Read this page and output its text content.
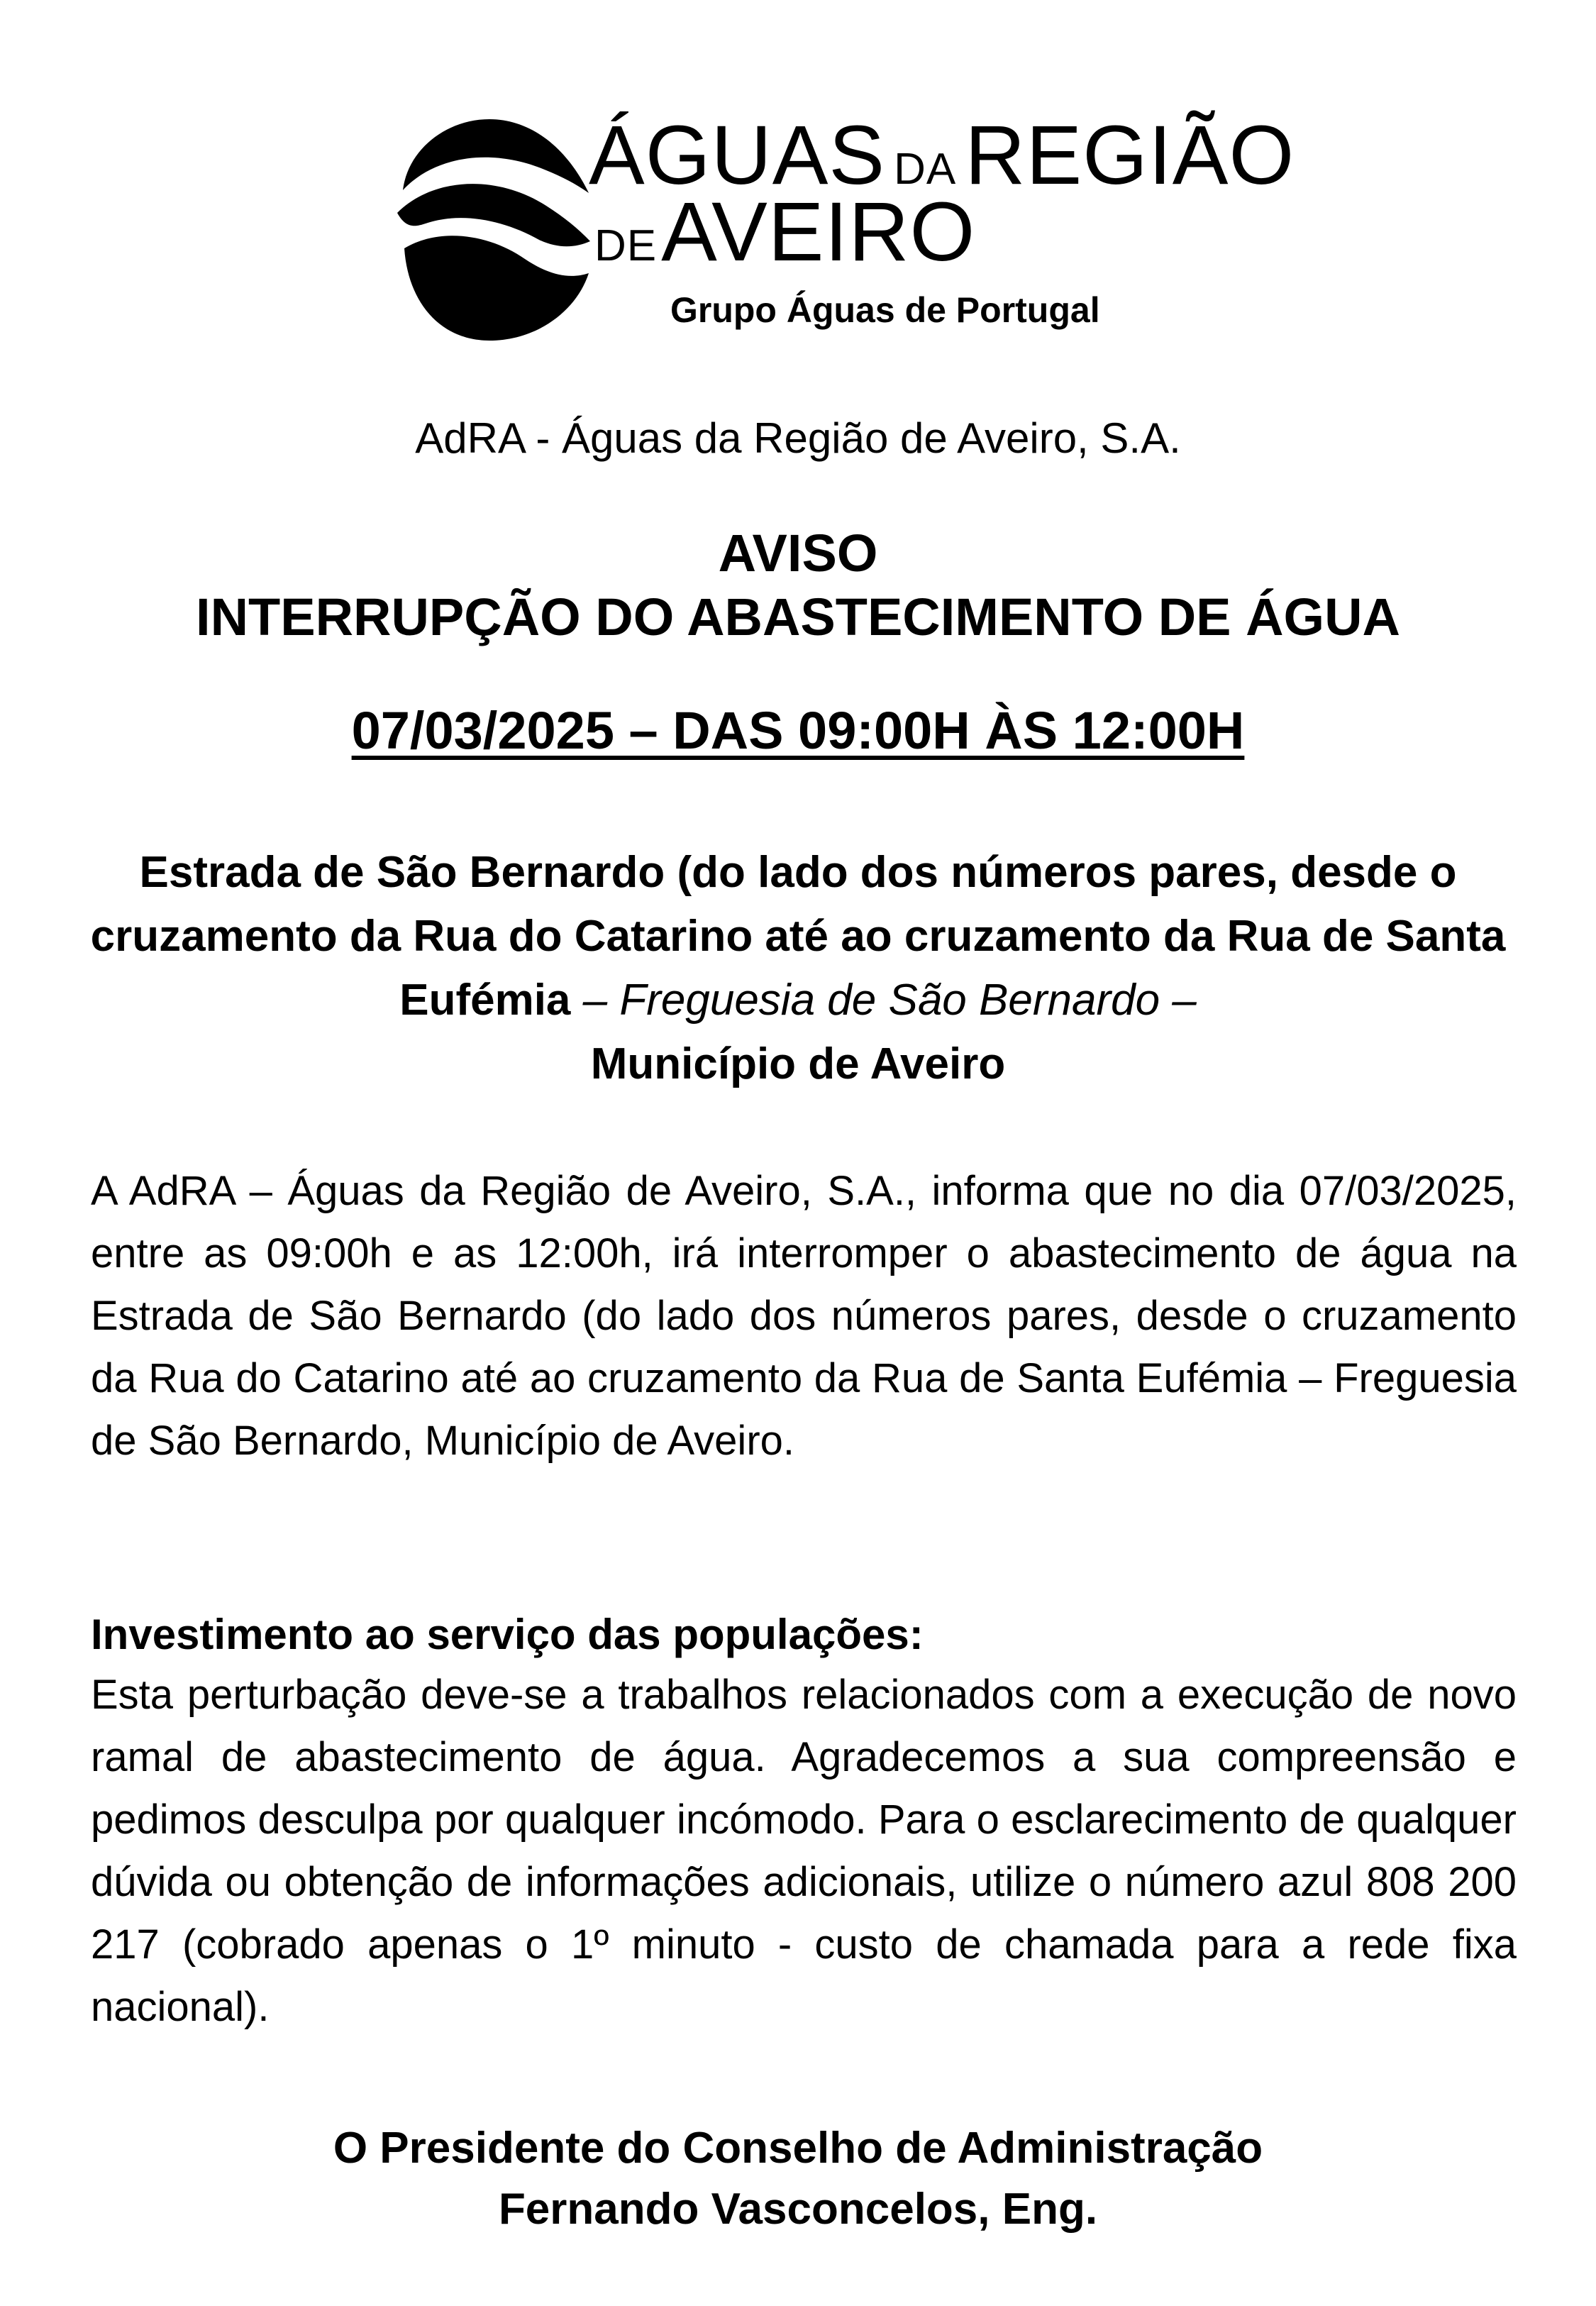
ÁGUAS DA REGIÃO
DEAVEIRO
Grupo Águas de Portugal
AdRA - Águas da Região de Aveiro, S.A.
AVISO
INTERRUPÇÃO DO ABASTECIMENTO DE ÁGUA
07/03/2025 – DAS 09:00H ÀS 12:00H
Estrada de São Bernardo (do lado dos números pares, desde o cruzamento da Rua do Catarino até ao cruzamento da Rua de Santa Eufémia – Freguesia de São Bernardo –
Município de Aveiro
A AdRA – Águas da Região de Aveiro, S.A., informa que no dia 07/03/2025, entre as 09:00h e as 12:00h, irá interromper o abastecimento de água na Estrada de São Bernardo (do lado dos números pares, desde o cruzamento da Rua do Catarino até ao cruzamento da Rua de Santa Eufémia – Freguesia de São Bernardo, Município de Aveiro.
Investimento ao serviço das populações:
Esta perturbação deve-se a trabalhos relacionados com a execução de novo ramal de abastecimento de água. Agradecemos a sua compreensão e pedimos desculpa por qualquer incómodo. Para o esclarecimento de qualquer dúvida ou obtenção de informações adicionais, utilize o número azul 808 200 217 (cobrado apenas o 1º minuto - custo de chamada para a rede fixa nacional).
O Presidente do Conselho de Administração
Fernando Vasconcelos, Eng.
